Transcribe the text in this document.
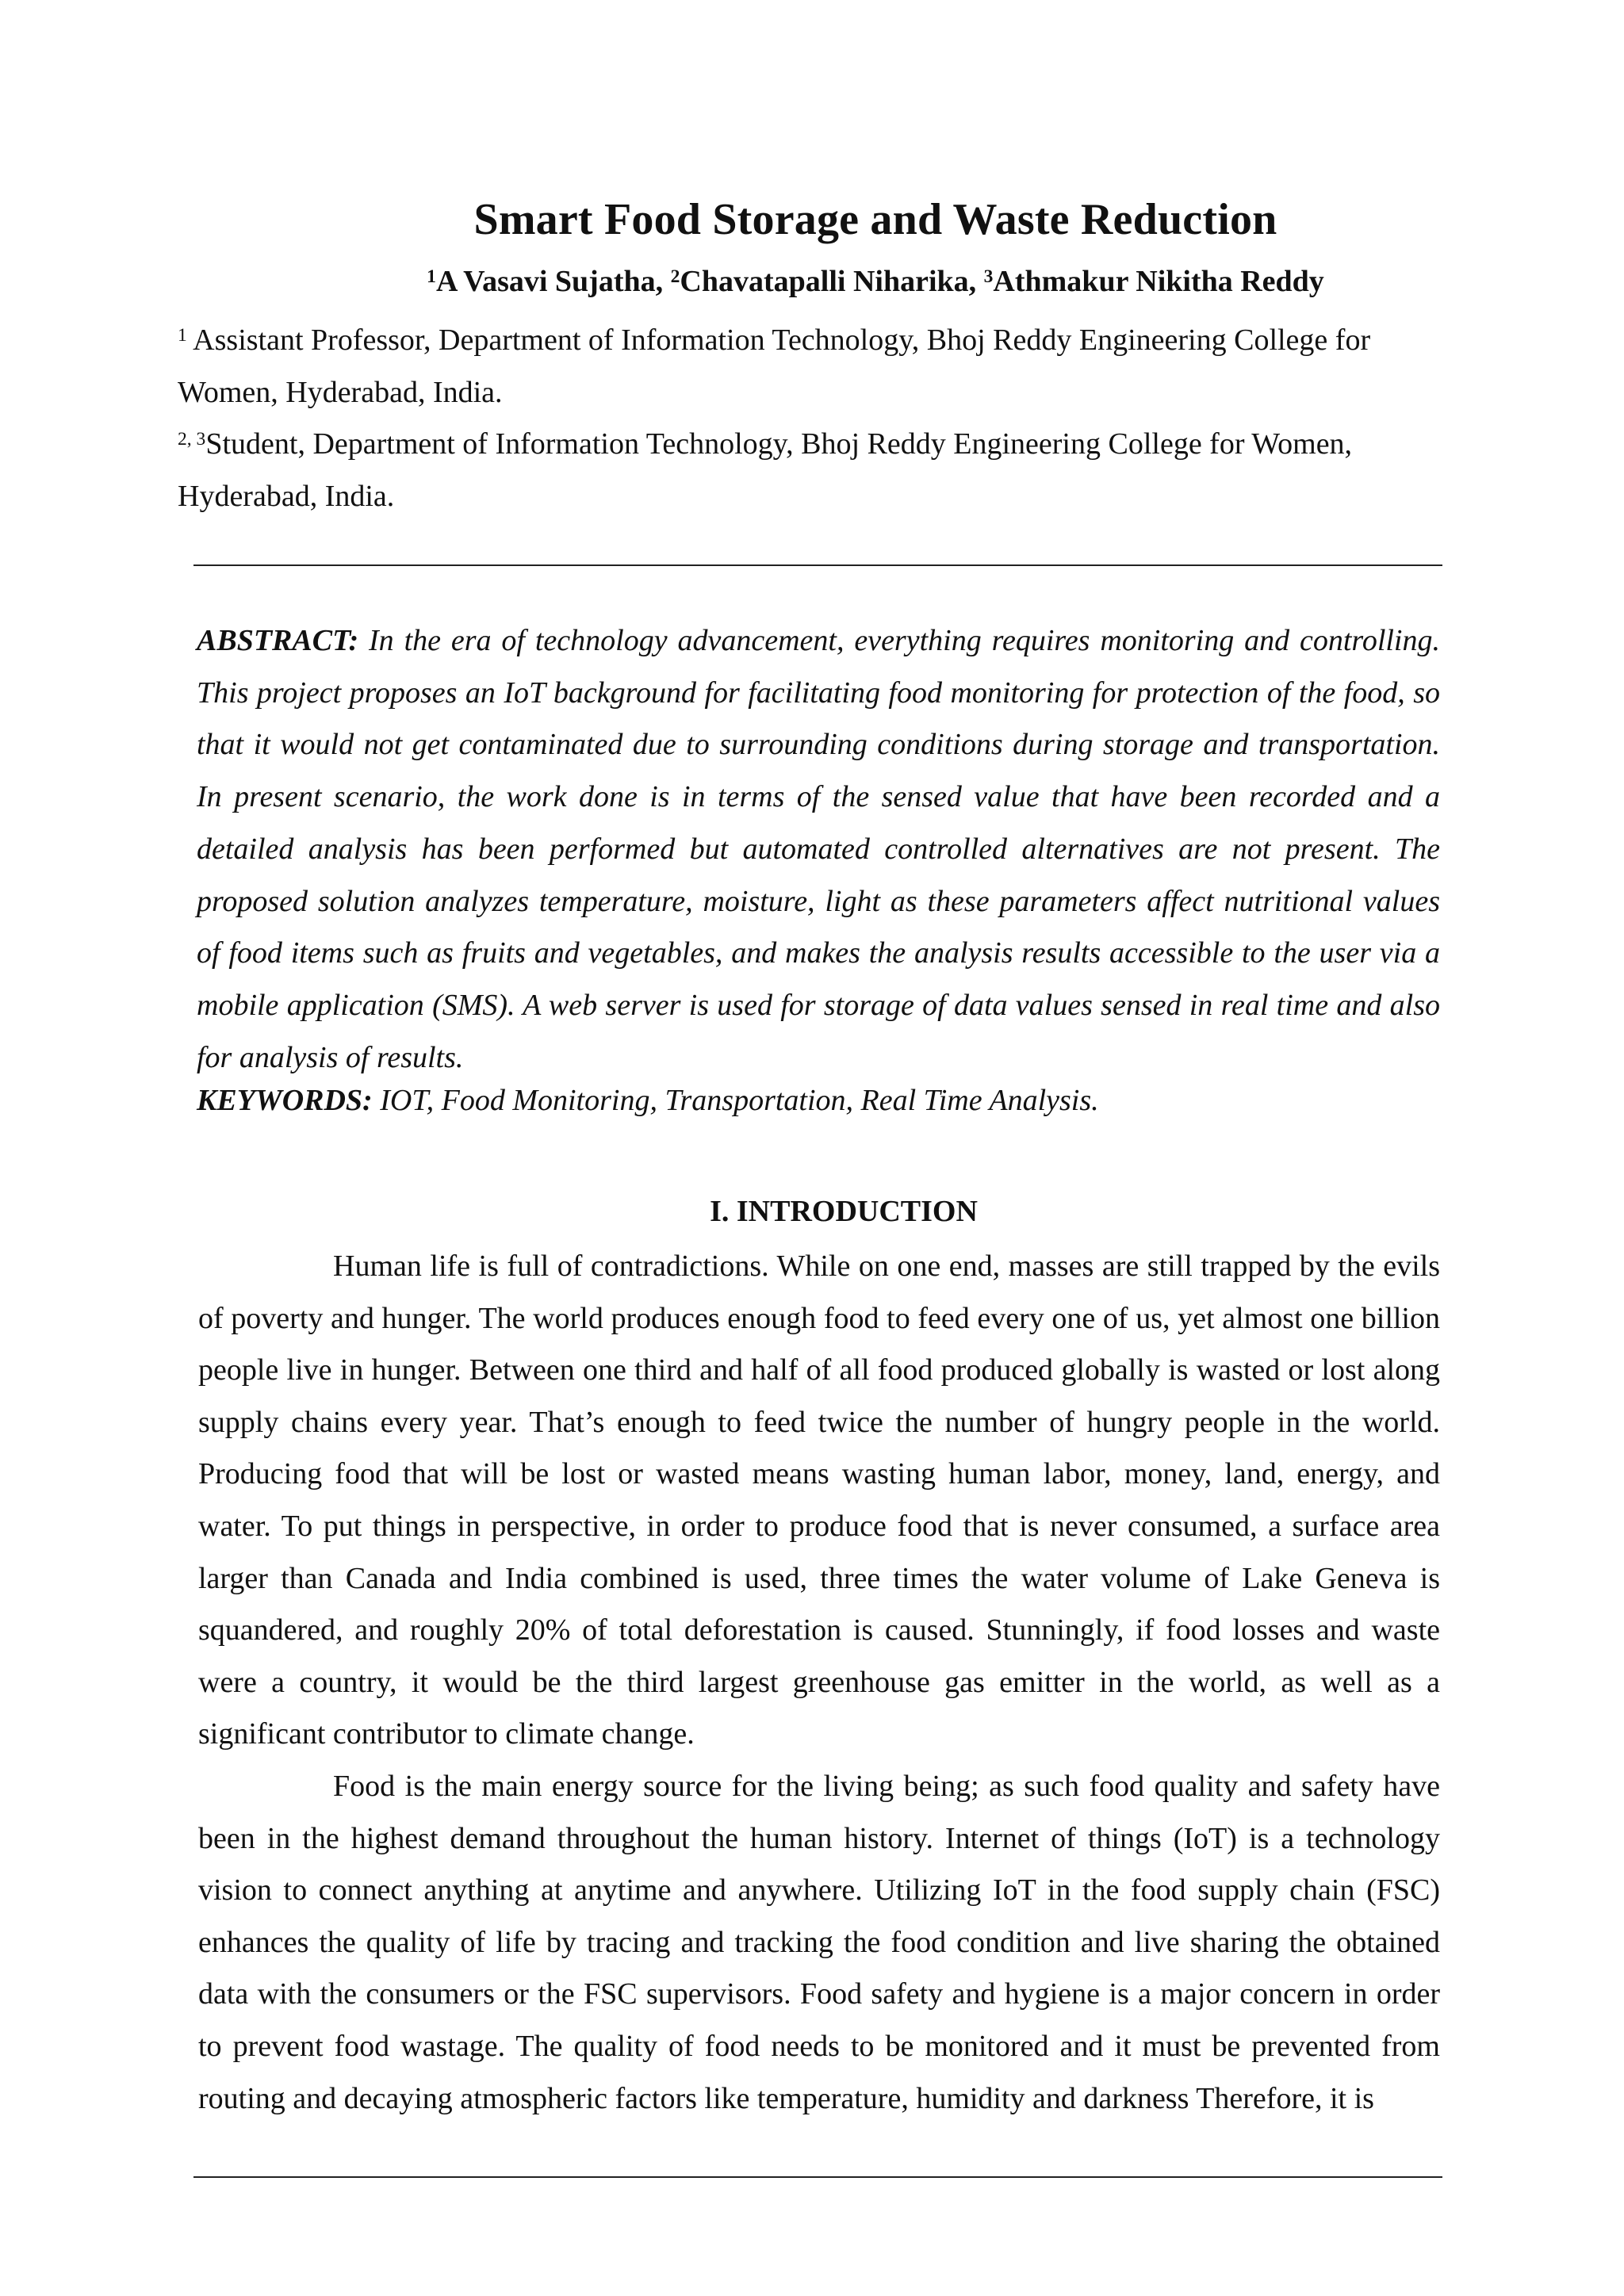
Smart Food Storage and Waste Reduction
$^1$A Vasavi Sujatha, $^2$Chavatapalli Niharika, $^3$Athmakur Nikitha Reddy
$^1$ Assistant Professor, Department of Information Technology, Bhoj Reddy Engineering College for
Women, Hyderabad, India.
$^{2, 3}$Student, Department of Information Technology, Bhoj Reddy Engineering College for Women,
Hyderabad, India.
ABSTRACT: In the era of technology advancement, everything requires monitoring and controlling. This project proposes an IoT background for facilitating food monitoring for protection of the food, so that it would not get contaminated due to surrounding conditions during storage and transportation. In present scenario, the work done is in terms of the sensed value that have been recorded and a detailed analysis has been performed but automated controlled alternatives are not present. The proposed solution analyzes temperature, moisture, light as these parameters affect nutritional values of food items such as fruits and vegetables, and makes the analysis results accessible to the user via a mobile application (SMS). A web server is used for storage of data values sensed in real time and also for analysis of results.
KEYWORDS: IOT, Food Monitoring, Transportation, Real Time Analysis.
I. INTRODUCTION

Human life is full of contradictions. While on one end, masses are still trapped by the evils of poverty and hunger. The world produces enough food to feed every one of us, yet almost one billion people live in hunger. Between one third and half of all food produced globally is wasted or lost along supply chains every year. That’s enough to feed twice the number of hungry people in the world. Producing food that will be lost or wasted means wasting human labor, money, land, energy, and water. To put things in perspective, in order to produce food that is never consumed, a surface area larger than Canada and India combined is used, three times the water volume of Lake Geneva is squandered, and roughly 20% of total deforestation is caused. Stunningly, if food losses and waste were a country, it would be the third largest greenhouse gas emitter in the world, as well as a significant contributor to climate change.

Food is the main energy source for the living being; as such food quality and safety have been in the highest demand throughout the human history. Internet of things (IoT) is a technology vision to connect anything at anytime and anywhere. Utilizing IoT in the food supply chain (FSC) enhances the quality of life by tracing and tracking the food condition and live sharing the obtained data with the consumers or the FSC supervisors. Food safety and hygiene is a major concern in order to prevent food wastage. The quality of food needs to be monitored and it must be prevented from routing and decaying atmospheric factors like temperature, humidity and darkness Therefore, it is
